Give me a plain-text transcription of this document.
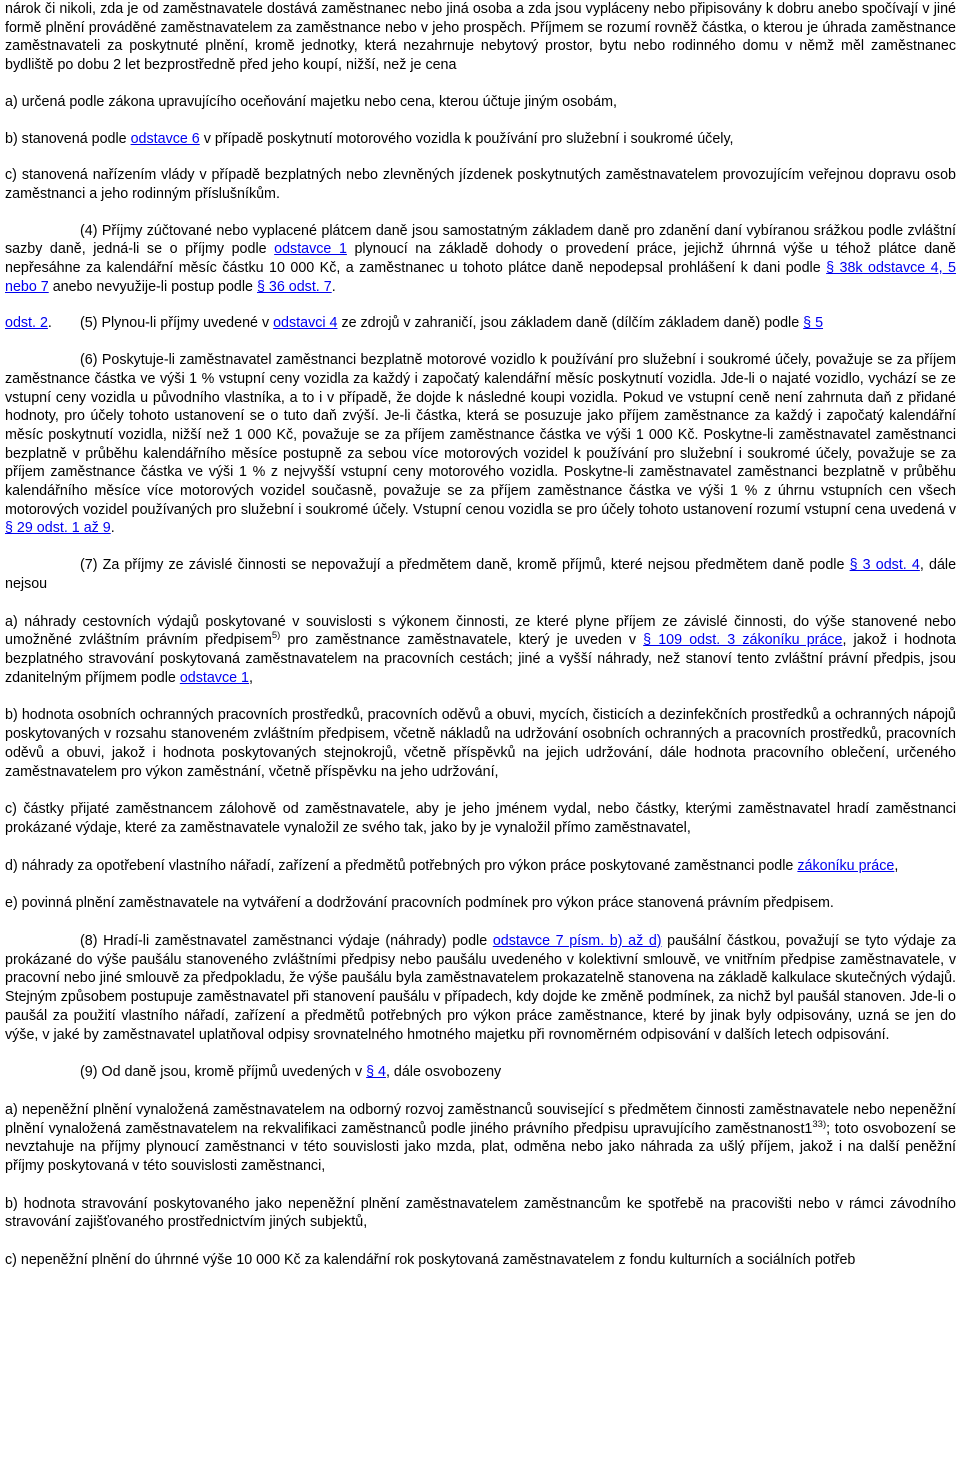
nárok či nikoli, zda je od zaměstnavatele dostává zaměstnanec nebo jiná osoba a zda jsou vypláceny nebo připisovány k dobru anebo spočívají v jiné formě plnění prováděné zaměstnavatelem za zaměstnance nebo v jeho prospěch. Příjmem se rozumí rovněž částka, o kterou je úhrada zaměstnance zaměstnavateli za poskytnuté plnění, kromě jednotky, která nezahrnuje nebytový prostor, bytu nebo rodinného domu v němž měl zaměstnanec bydliště po dobu 2 let bezprostředně před jeho koupí, nižší, než je cena

a) určená podle zákona upravujícího oceňování majetku nebo cena, kterou účtuje jiným osobám,

b) stanovená podle odstavce 6 v případě poskytnutí motorového vozidla k používání pro služební i soukromé účely,

c) stanovená nařízením vlády v případě bezplatných nebo zlevněných jízdenek poskytnutých zaměstnavatelem provozujícím veřejnou dopravu osob zaměstnanci a jeho rodinným příslušníkům.

(4) Příjmy zúčtované nebo vyplacené plátcem daně jsou samostatným základem daně pro zdanění daní vybíranou srážkou podle zvláštní sazby daně, jedná-li se o příjmy podle odstavce 1 plynoucí na základě dohody o provedení práce, jejichž úhrnná výše u téhož plátce daně nepřesáhne za kalendářní měsíc částku 10 000 Kč, a zaměstnanec u tohoto plátce daně nepodepsal prohlášení k dani podle § 38k odstavce 4, 5 nebo 7 anebo nevyužije-li postup podle § 36 odst. 7.

odst. 2. (5) Plynou-li příjmy uvedené v odstavci 4 ze zdrojů v zahraničí, jsou základem daně (dílčím základem daně) podle § 5

(6) Poskytuje-li zaměstnavatel zaměstnanci bezplatně motorové vozidlo k používání pro služební i soukromé účely, považuje se za příjem zaměstnance částka ve výši 1 % vstupní ceny vozidla za každý i započatý kalendářní měsíc poskytnutí vozidla. Jde-li o najaté vozidlo, vychází se ze vstupní ceny vozidla u původního vlastníka, a to i v případě, že dojde k následné koupi vozidla. Pokud ve vstupní ceně není zahrnuta daň z přidané hodnoty, pro účely tohoto ustanovení se o tuto daň zvýší. Je-li částka, která se posuzuje jako příjem zaměstnance za každý i započatý kalendářní měsíc poskytnutí vozidla, nižší než 1 000 Kč, považuje se za příjem zaměstnance částka ve výši 1 000 Kč. Poskytne-li zaměstnavatel zaměstnanci bezplatně v průběhu kalendářního měsíce postupně za sebou více motorových vozidel k používání pro služební i soukromé účely, považuje se za příjem zaměstnance částka ve výši 1 % z nejvyšší vstupní ceny motorového vozidla. Poskytne-li zaměstnavatel zaměstnanci bezplatně v průběhu kalendářního měsíce více motorových vozidel současně, považuje se za příjem zaměstnance částka ve výši 1 % z úhrnu vstupních cen všech motorových vozidel používaných pro služební i soukromé účely. Vstupní cenou vozidla se pro účely tohoto ustanovení rozumí vstupní cena uvedená v § 29 odst. 1 až 9.

(7) Za příjmy ze závislé činnosti se nepovažují a předmětem daně, kromě příjmů, které nejsou předmětem daně podle § 3 odst. 4, dále nejsou

a) náhrady cestovních výdajů poskytované v souvislosti s výkonem činnosti, ze které plyne příjem ze závislé činnosti, do výše stanovené nebo umožněné zvláštním právním předpisem$^{5)}$ pro zaměstnance zaměstnavatele, který je uveden v § 109 odst. 3 zákoníku práce, jakož i hodnota bezplatného stravování poskytovaná zaměstnavatelem na pracovních cestách; jiné a vyšší náhrady, než stanoví tento zvláštní právní předpis, jsou zdanitelným příjmem podle odstavce 1,

b) hodnota osobních ochranných pracovních prostředků, pracovních oděvů a obuvi, mycích, čisticích a dezinfekčních prostředků a ochranných nápojů poskytovaných v rozsahu stanoveném zvláštním předpisem, včetně nákladů na udržování osobních ochranných a pracovních prostředků, pracovních oděvů a obuvi, jakož i hodnota poskytovaných stejnokrojů, včetně příspěvků na jejich udržování, dále hodnota pracovního oblečení, určeného zaměstnavatelem pro výkon zaměstnání, včetně příspěvku na jeho udržování,

c) částky přijaté zaměstnancem zálohově od zaměstnavatele, aby je jeho jménem vydal, nebo částky, kterými zaměstnavatel hradí zaměstnanci prokázané výdaje, které za zaměstnavatele vynaložil ze svého tak, jako by je vynaložil přímo zaměstnavatel,

d) náhrady za opotřebení vlastního nářadí, zařízení a předmětů potřebných pro výkon práce poskytované zaměstnanci podle zákoníku práce,

e) povinná plnění zaměstnavatele na vytváření a dodržování pracovních podmínek pro výkon práce stanovená právním předpisem.

(8) Hradí-li zaměstnavatel zaměstnanci výdaje (náhrady) podle odstavce 7 písm. b) až d) paušální částkou, považují se tyto výdaje za prokázané do výše paušálu stanoveného zvláštními předpisy nebo paušálu uvedeného v kolektivní smlouvě, ve vnitřním předpise zaměstnavatele, v pracovní nebo jiné smlouvě za předpokladu, že výše paušálu byla zaměstnavatelem prokazatelně stanovena na základě kalkulace skutečných výdajů. Stejným způsobem postupuje zaměstnavatel při stanovení paušálu v případech, kdy dojde ke změně podmínek, za nichž byl paušál stanoven. Jde-li o paušál za použití vlastního nářadí, zařízení a předmětů potřebných pro výkon práce zaměstnance, které by jinak byly odpisovány, uzná se jen do výše, v jaké by zaměstnavatel uplatňoval odpisy srovnatelného hmotného majetku při rovnoměrném odpisování v dalších letech odpisování.

(9) Od daně jsou, kromě příjmů uvedených v § 4, dále osvobozeny

a) nepeněžní plnění vynaložená zaměstnavatelem na odborný rozvoj zaměstnanců související s předmětem činnosti zaměstnavatele nebo nepeněžní plnění vynaložená zaměstnavatelem na rekvalifikaci zaměstnanců podle jiného právního předpisu upravujícího zaměstnanost1$^{33)}$; toto osvobození se nevztahuje na příjmy plynoucí zaměstnanci v této souvislosti jako mzda, plat, odměna nebo jako náhrada za ušlý příjem, jakož i na další peněžní příjmy poskytovaná v této souvislosti zaměstnanci,

b) hodnota stravování poskytovaného jako nepeněžní plnění zaměstnavatelem zaměstnancům ke spotřebě na pracovišti nebo v rámci závodního stravování zajišťovaného prostřednictvím jiných subjektů,

c) nepeněžní plnění do úhrnné výše 10 000 Kč za kalendářní rok poskytovaná zaměstnavatelem z fondu kulturních a sociálních potřeb
